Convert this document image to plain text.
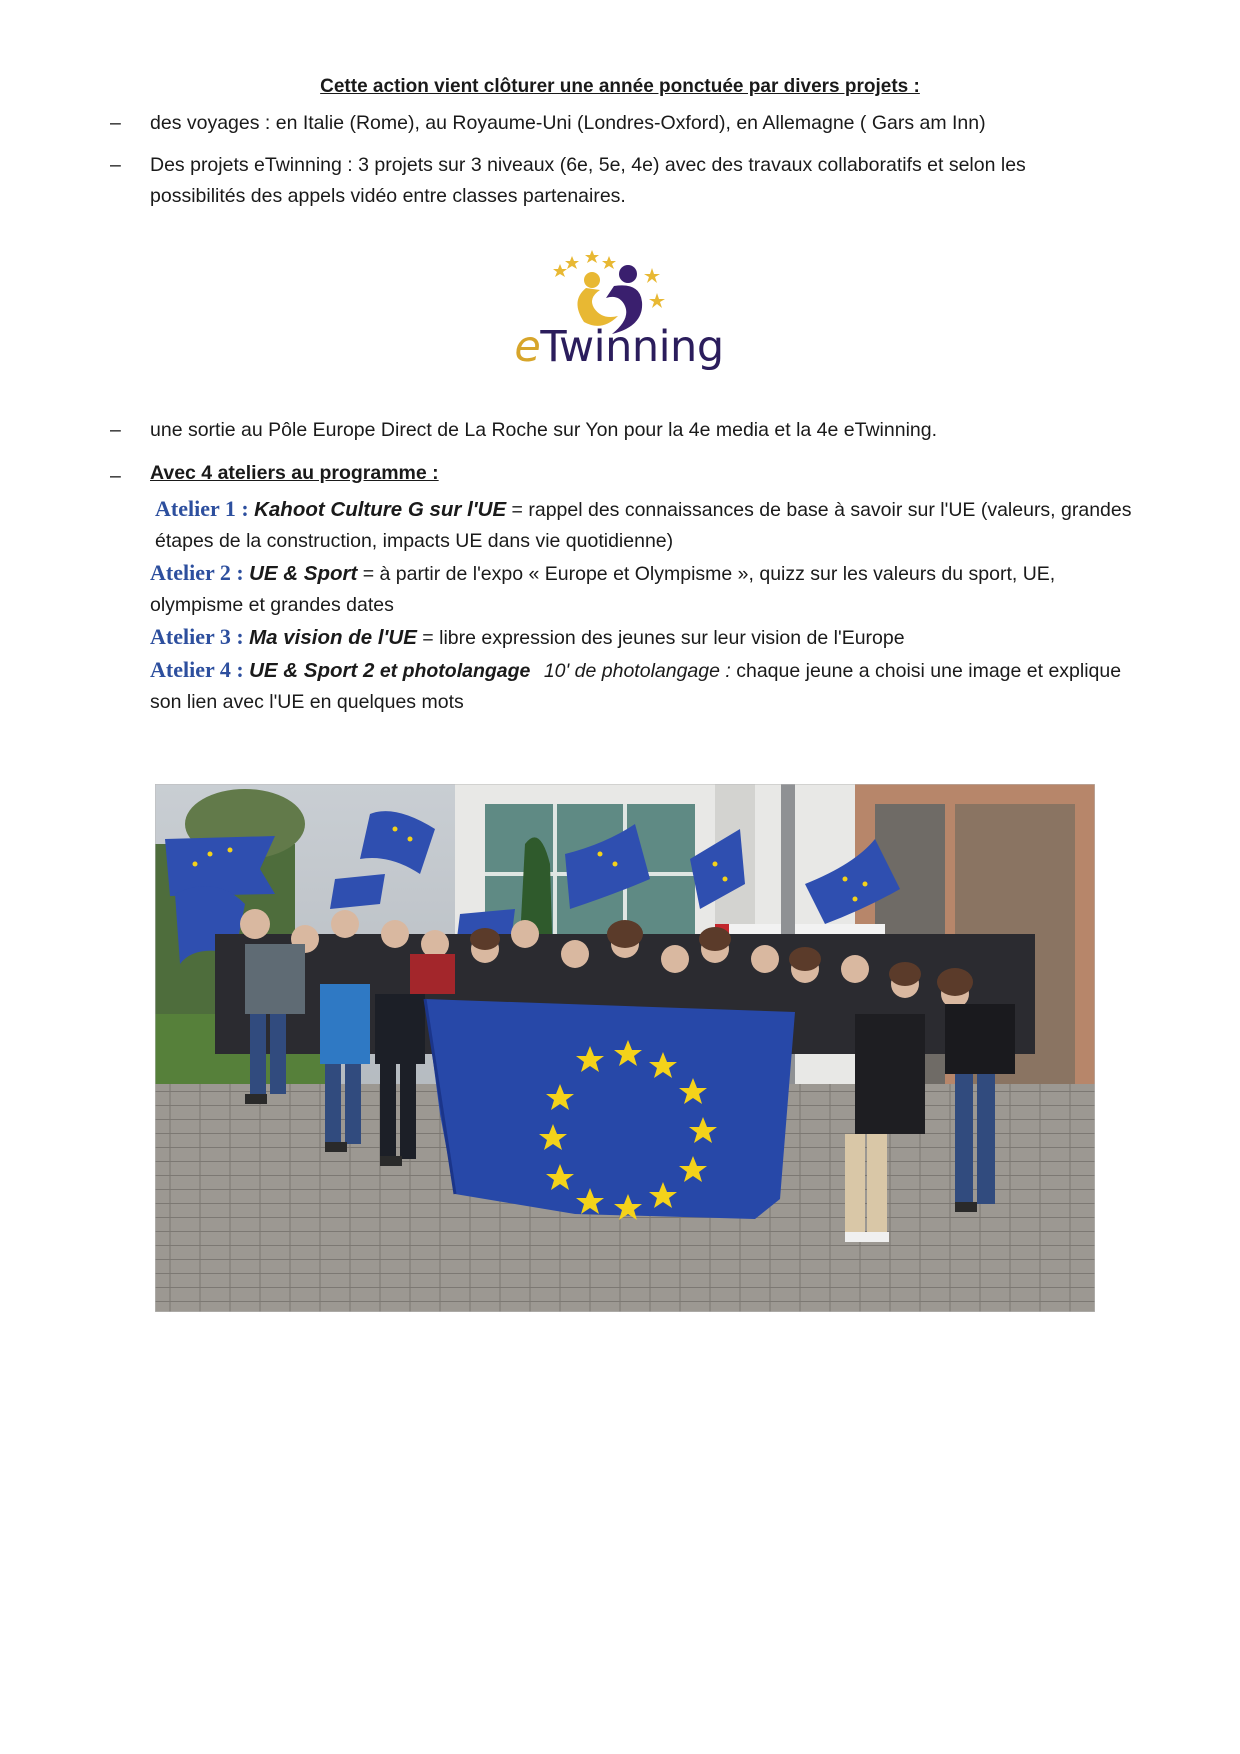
Cette action vient clôturer une année ponctuée par divers projets :
–	des voyages : en Italie (Rome), au Royaume-Uni (Londres-Oxford), en Allemagne ( Gars am Inn)
–	Des projets eTwinning : 3 projets sur 3 niveaux (6e, 5e, 4e) avec des travaux collaboratifs et selon les possibilités des appels vidéo entre classes partenaires.
eTwinning
–	une sortie au Pôle Europe Direct de La Roche sur Yon pour la 4e media et la 4e eTwinning.
–	Avec 4 ateliers au programme :
Atelier 1 : Kahoot Culture G sur l'UE = rappel des connaissances de base à savoir sur l'UE (valeurs, grandes étapes de la construction, impacts UE dans vie quotidienne)
Atelier 2 : UE & Sport = à partir de l'expo « Europe et Olympisme », quizz sur les valeurs du sport, UE, olympisme et grandes dates
Atelier 3 : Ma vision de l'UE = libre expression des jeunes sur leur vision de l'Europe
Atelier 4 : UE & Sport 2 et photolangage 10' de photolangage : chaque jeune a choisi une image et explique son lien avec l'UE en quelques mots
